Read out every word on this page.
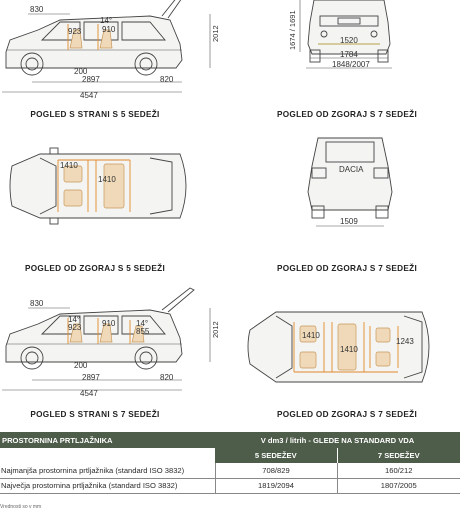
830
14°
923	910	2012
200
2897	820
4547
POGLED S STRANI S 5 SEDEŽI
1674 / 1691	1520
1784
1848/2007
POGLED OD ZGORAJ S 7 SEDEŽI
1410
1410
POGLED OD ZGORAJ S 5 SEDEŽI
DACIA
1509
POGLED OD ZGORAJ S 7 SEDEŽI
830
14°
923	910	14°
855	2012
200
2897	820
4547
POGLED S STRANI S 7 SEDEŽI
1410
1410
1243
POGLED OD ZGORAJ S 7 SEDEŽI
PROSTORNINA PRTLJAŽNIKA	V dm3 / litrih - GLEDE NA STANDARD VDA	
	5 SEDEŽEV	7 SEDEŽEV
Najmanjša prostornina prtljažnika (standard ISO 3832)	708/829	160/212
Največja prostornina prtljažnika (standard ISO 3832)	1819/2094	1807/2005
Vrednosti so v mm
